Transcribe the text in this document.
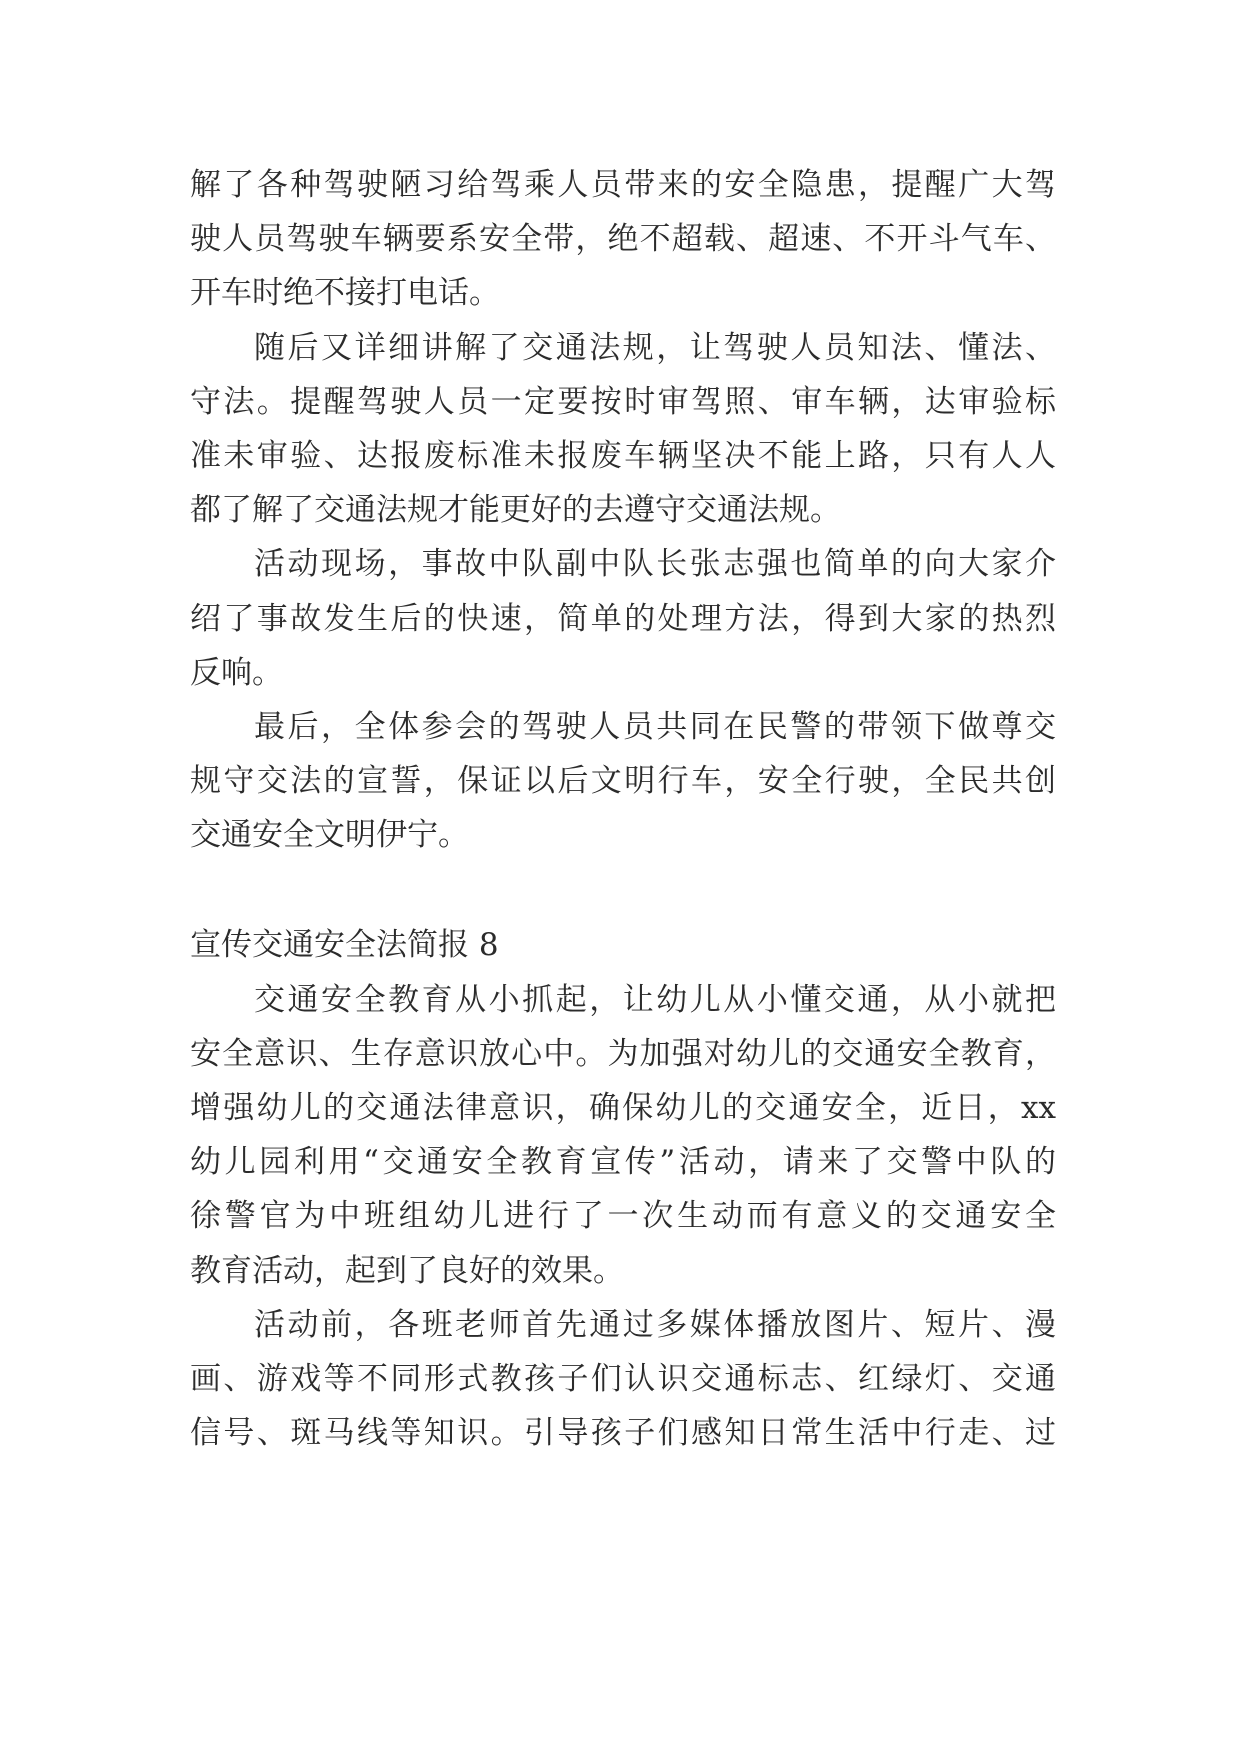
解了各种驾驶陋习给驾乘人员带来的安全隐患，提醒广大驾
驶人员驾驶车辆要系安全带，绝不超载、超速、不开斗气车、
开车时绝不接打电话。
随后又详细讲解了交通法规，让驾驶人员知法、懂法、
守法。提醒驾驶人员一定要按时审驾照、审车辆，达审验标
准未审验、达报废标准未报废车辆坚决不能上路，只有人人
都了解了交通法规才能更好的去遵守交通法规。
活动现场，事故中队副中队长张志强也简单的向大家介
绍了事故发生后的快速，简单的处理方法，得到大家的热烈
反响。
最后，全体参会的驾驶人员共同在民警的带领下做尊交
规守交法的宣誓，保证以后文明行车，安全行驶，全民共创
交通安全文明伊宁。
宣传交通安全法简报 8
交通安全教育从小抓起，让幼儿从小懂交通，从小就把
安全意识、生存意识放心中。为加强对幼儿的交通安全教育，
增强幼儿的交通法律意识，确保幼儿的交通安全，近日，xx
幼儿园利用“交通安全教育宣传”活动，请来了交警中队的
徐警官为中班组幼儿进行了一次生动而有意义的交通安全
教育活动，起到了良好的效果。
活动前，各班老师首先通过多媒体播放图片、短片、漫
画、游戏等不同形式教孩子们认识交通标志、红绿灯、交通
信号、斑马线等知识。引导孩子们感知日常生活中行走、过
